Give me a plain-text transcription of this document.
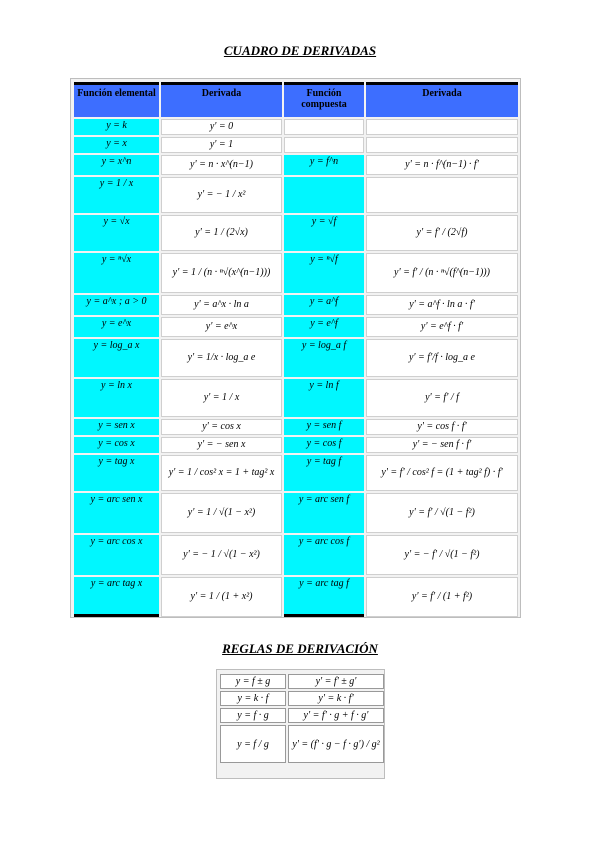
CUADRO DE DERIVADAS
Función elemental	Derivada	Función compuesta	Derivada
y = k	y' = 0		
y = x	y' = 1		
y = x^n	y' = n · x^(n−1)	y = f^n	y' = n · f^(n−1) · f'
y = 1 / x	y' = − 1 / x²		
y = √x	y' = 1 / (2√x)	y = √f	y' = f' / (2√f)
y = ⁿ√x	y' = 1 / (n · ⁿ√(x^(n−1)))	y = ⁿ√f	y' = f' / (n · ⁿ√(f^(n−1)))
y = a^x ; a > 0	y' = a^x · ln a	y = a^f	y' = a^f · ln a · f'
y = e^x	y' = e^x	y = e^f	y' = e^f · f'
y = log_a x	y' = 1/x · log_a e	y = log_a f	y' = f'/f · log_a e
y = ln x	y' = 1 / x	y = ln f	y' = f' / f
y = sen x	y' = cos x	y = sen f	y' = cos f · f'
y = cos x	y' = − sen x	y = cos f	y' = − sen f · f'
y = tag x	y' = 1 / cos² x = 1 + tag² x	y = tag f	y' = f' / cos² f = (1 + tag² f) · f'
y = arc sen x	y' = 1 / √(1 − x²)	y = arc sen f	y' = f' / √(1 − f²)
y = arc cos x	y' = − 1 / √(1 − x²)	y = arc cos f	y' = − f' / √(1 − f²)
y = arc tag x	y' = 1 / (1 + x²)	y = arc tag f	y' = f' / (1 + f²)
REGLAS DE DERIVACIÓN
y = f ± g	y' = f' ± g'
y = k · f	y' = k · f'
y = f · g	y' = f' · g + f · g'
y = f / g	y' = (f' · g − f · g') / g²
